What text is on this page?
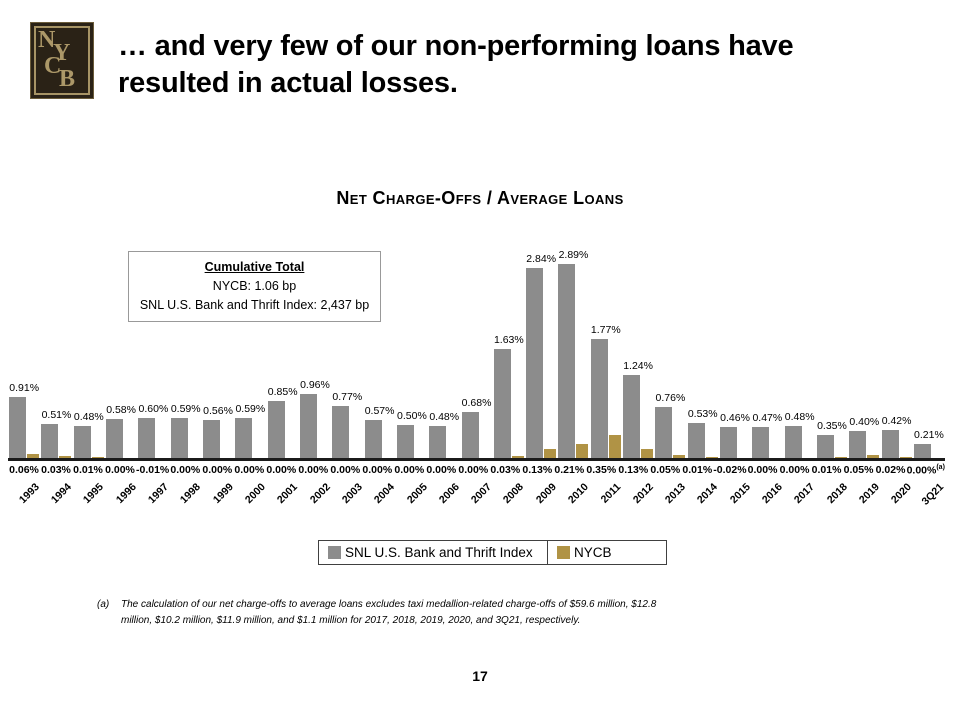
N
Y
C
B
… and very few of our non-performing loans have resulted in actual losses.
Net Charge-Offs / Average Loans
Cumulative Total
NYCB: 1.06 bp
SNL U.S. Bank and Thrift Index: 2,437 bp
0.91%
0.51% 0.48%
0.58% 0.60% 0.59% 0.56% 0.59%
0.85%
0.96%
0.77%
0.57% 0.50% 0.48%
0.68%
1.63%
2.84% 2.89%
1.77%
1.24%
0.76%
0.53% 0.46% 0.47% 0.48%
0.35% 0.40% 0.42%
0.21%
0.06% 0.03% 0.01% 0.00% -0.01% 0.00% 0.00% 0.00% 0.00% 0.00% 0.00% 0.00% 0.00% 0.00% 0.00% 0.03% 0.13% 0.21% 0.35% 0.13% 0.05% 0.01% -0.02% 0.00% 0.00% 0.01% 0.05% 0.02% 0.00%$^{(a)}$
1993 1994 1995 1996 1997 1998 1999 2000 2001 2002 2003 2004 2005 2006 2007 2008 2009 2010 2011 2012 2013 2014 2015 2016 2017 2018 2019 2020 3Q21
SNL U.S. Bank and Thrift Index	NYCB
(a)	The calculation of our net charge-offs to average loans excludes taxi medallion-related charge-offs of $59.6 million, $12.8 million, $10.2 million, $11.9 million, and $1.1 million for 2017, 2018, 2019, 2020, and 3Q21, respectively.
17
